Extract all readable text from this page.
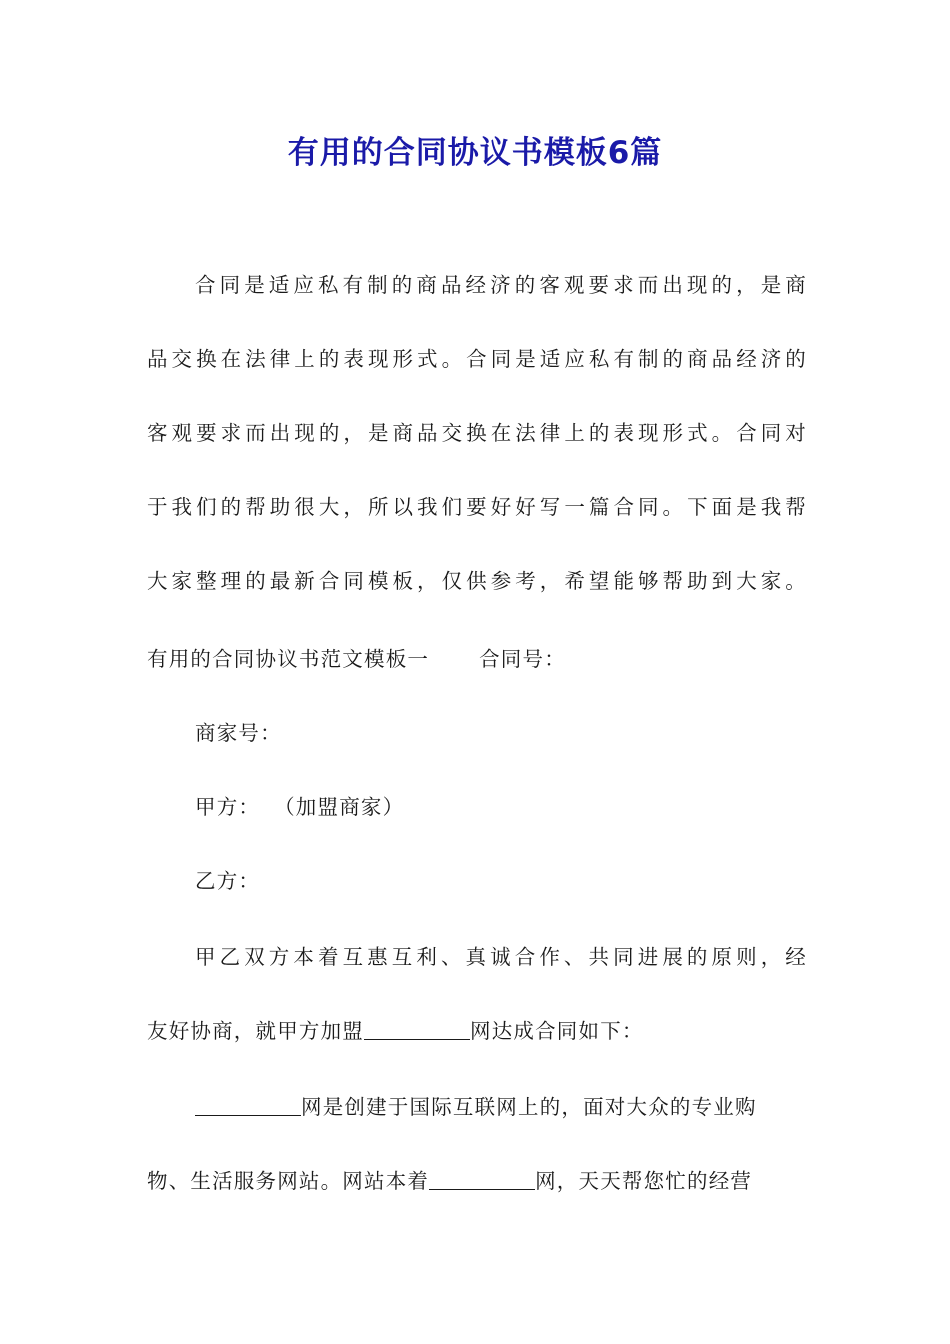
有用的合同协议书模板6篇
合同是适应私有制的商品经济的客观要求而出现的，是商
品交换在法律上的表现形式。合同是适应私有制的商品经济的
客观要求而出现的，是商品交换在法律上的表现形式。合同对
于我们的帮助很大，所以我们要好好写一篇合同。下面是我帮
大家整理的最新合同模板，仅供参考，希望能够帮助到大家。
有用的合同协议书范文模板一 合同号：
商家号：
甲方： （加盟商家）
乙方：
甲乙双方本着互惠互利、真诚合作、共同进展的原则，经
友好协商，就甲方加盟	网达成合同如下：
网是创建于国际互联网上的，面对大众的专业购
物、生活服务网站。网站本着	网，天天帮您忙的经营
